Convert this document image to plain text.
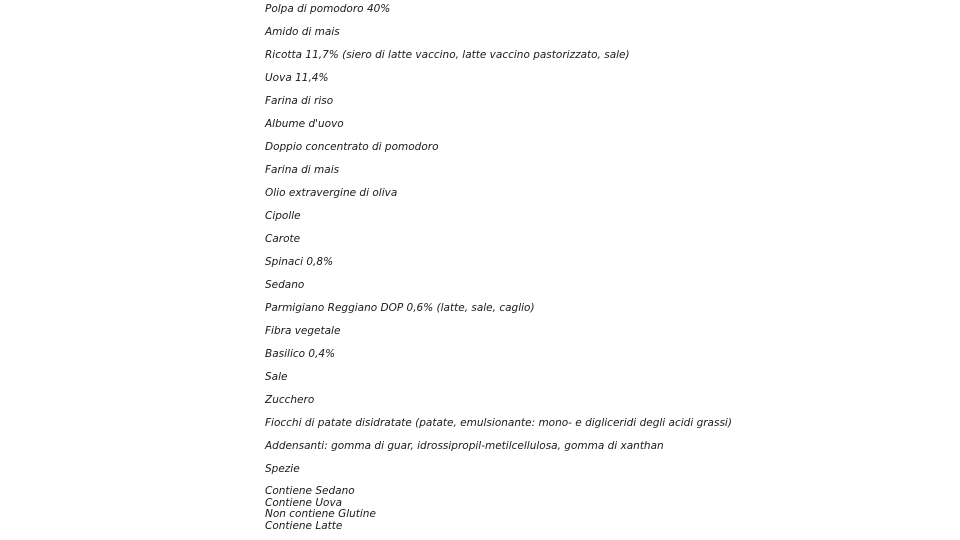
Polpa di pomodoro 40%
Amido di mais
Ricotta 11,7% (siero di latte vaccino, latte vaccino pastorizzato, sale)
Uova 11,4%
Farina di riso
Albume d'uovo
Doppio concentrato di pomodoro
Farina di mais
Olio extravergine di oliva
Cipolle
Carote
Spinaci 0,8%
Sedano
Parmigiano Reggiano DOP 0,6% (latte, sale, caglio)
Fibra vegetale
Basilico 0,4%
Sale
Zucchero
Fiocchi di patate disidratate (patate, emulsionante: mono- e digliceridi degli acidi grassi)
Addensanti: gomma di guar, idrossipropil-metilcellulosa, gomma di xanthan
Spezie
Contiene Sedano
Contiene Uova
Non contiene Glutine
Contiene Latte
